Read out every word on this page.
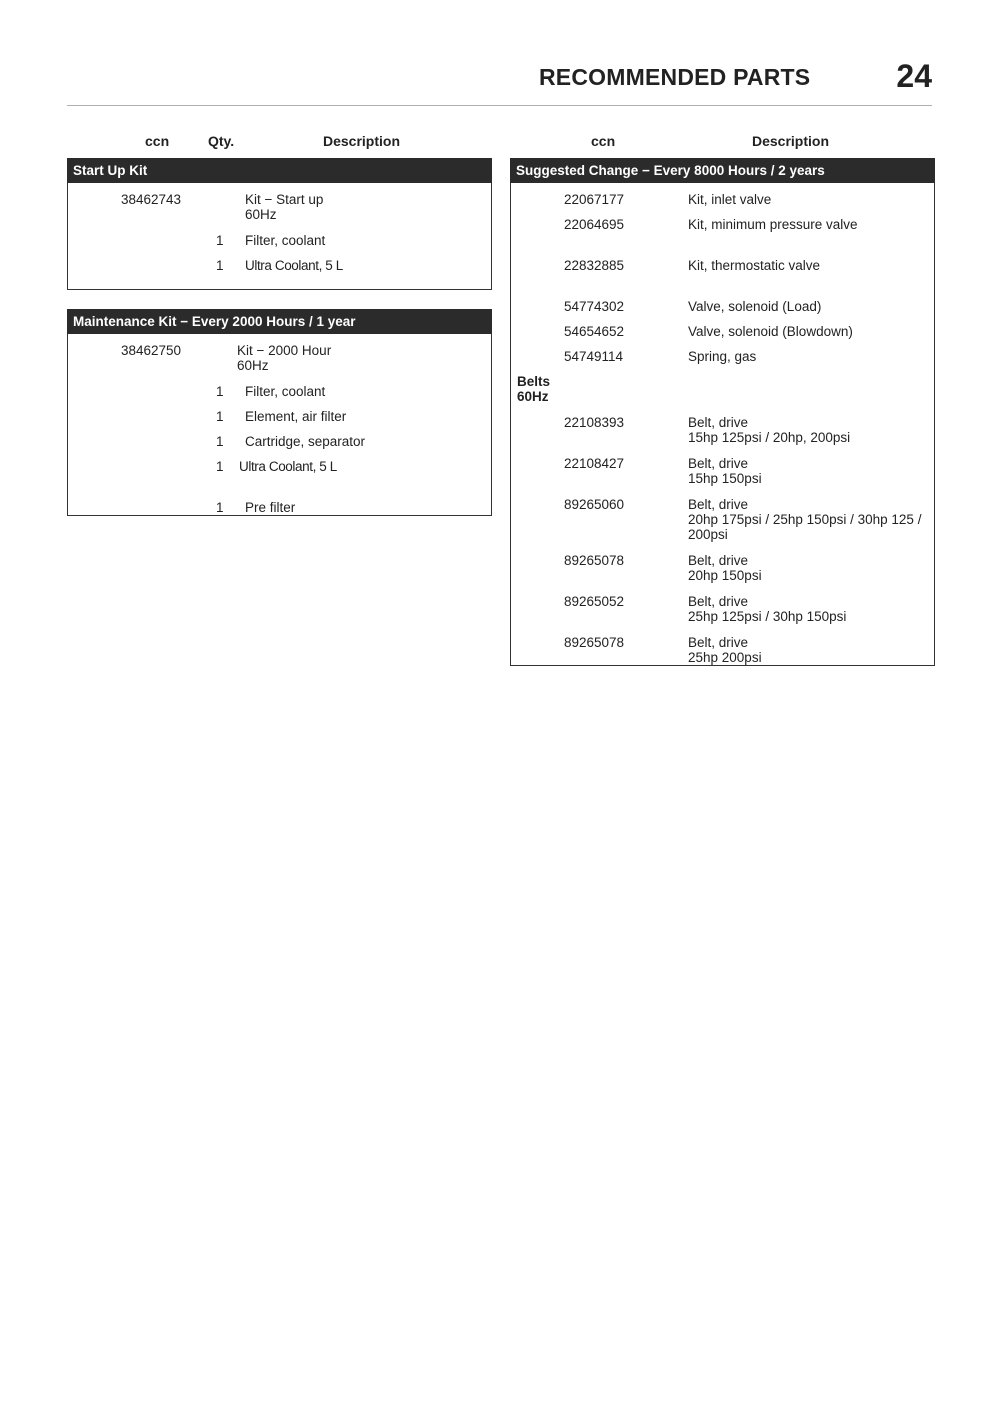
RECOMMENDED PARTS	24
ccn	Qty.	Description	ccn	Description
Start Up Kit
38462743	Kit − Start up
60Hz
1 Filter, coolant
1 Ultra Coolant, 5 L
Maintenance Kit − Every 2000 Hours / 1 year
38462750	Kit − 2000 Hour
60Hz
1 Filter, coolant
1 Element, air filter
1 Cartridge, separator
1 Ultra Coolant, 5 L
1 Pre filter
Suggested Change − Every 8000 Hours / 2 years
22067177	Kit, inlet valve
22064695	Kit, minimum pressure valve
22832885	Kit, thermostatic valve
54774302	Valve, solenoid (Load)
54654652	Valve, solenoid (Blowdown)
54749114	Spring, gas
Belts
60Hz
22108393	Belt, drive
15hp 125psi / 20hp, 200psi
22108427	Belt, drive
15hp 150psi
89265060	Belt, drive
20hp 175psi / 25hp 150psi / 30hp 125 /
200psi
89265078	Belt, drive
20hp 150psi
89265052	Belt, drive
25hp 125psi / 30hp 150psi
89265078	Belt, drive
25hp 200psi
